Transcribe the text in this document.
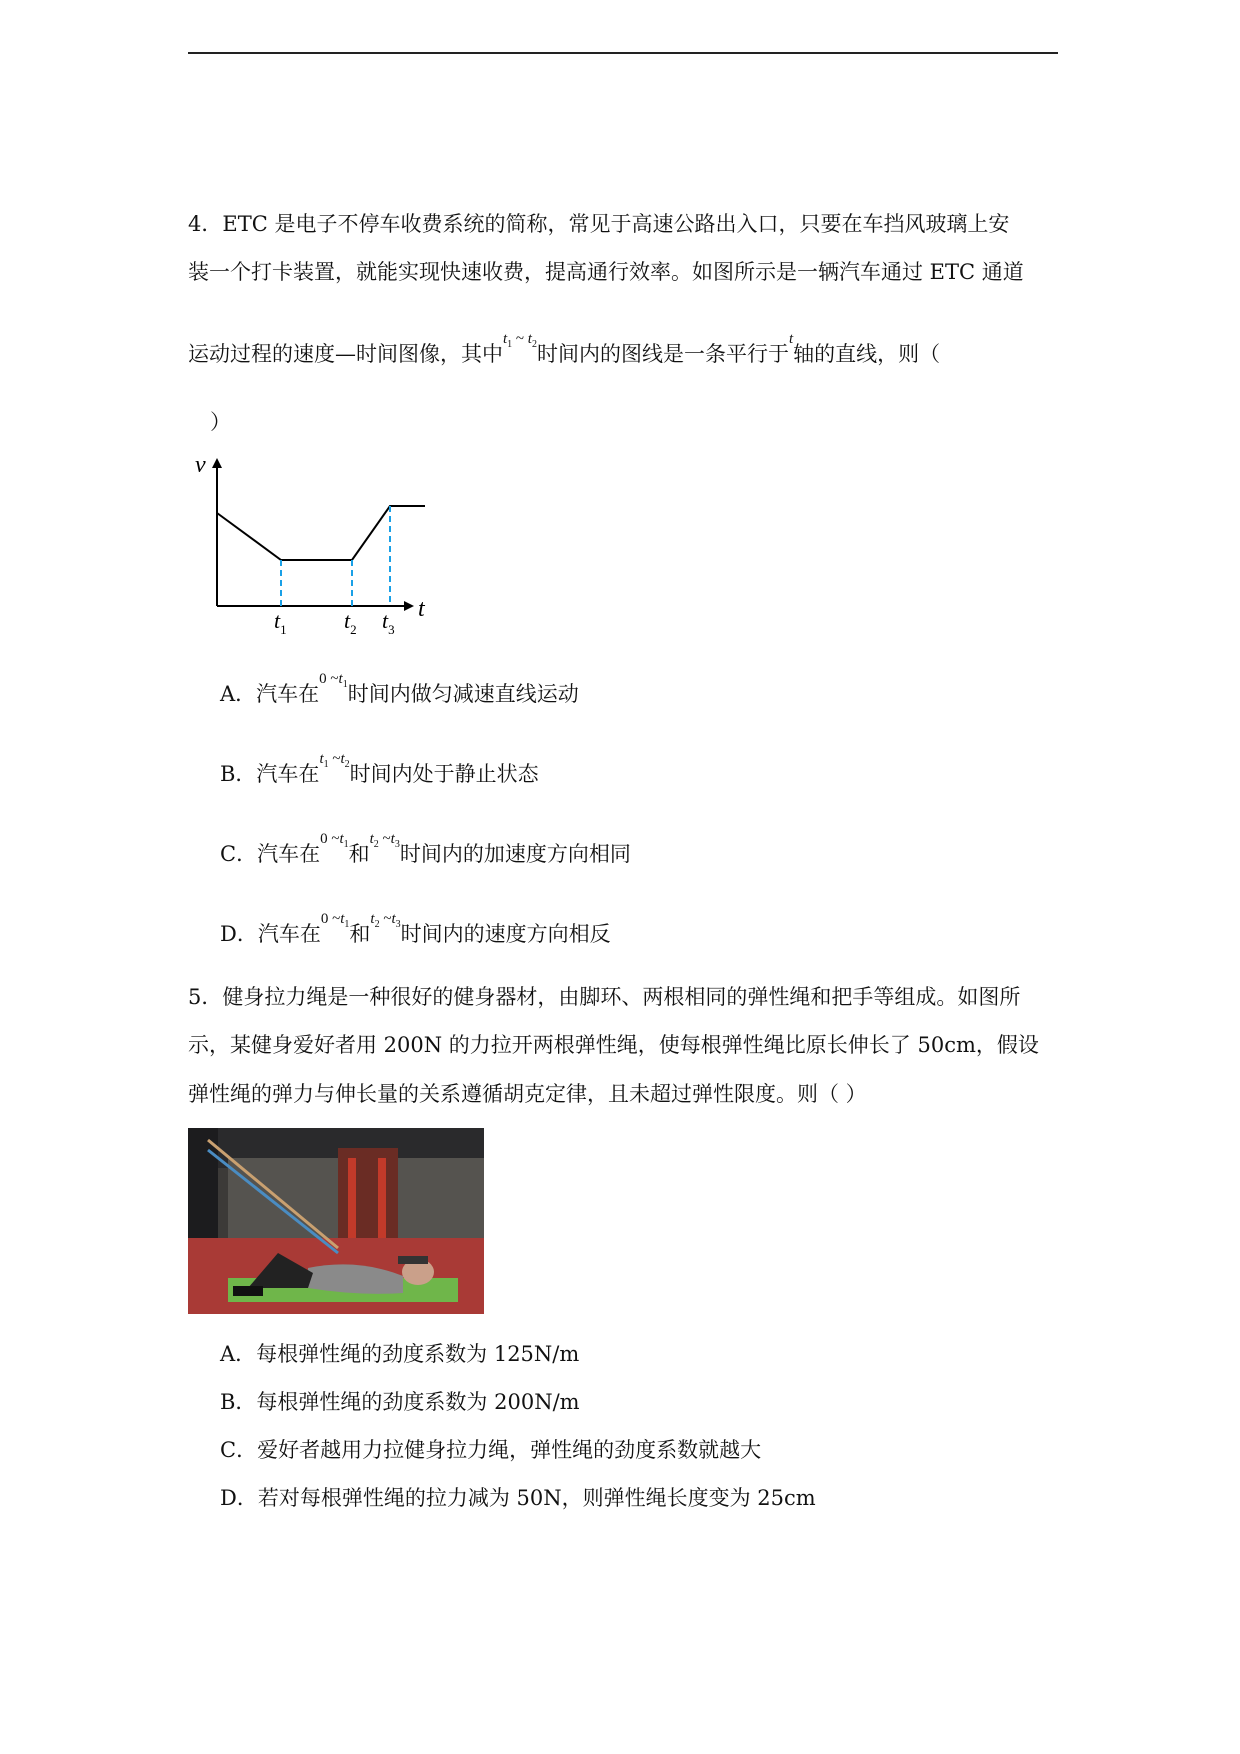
4．ETC 是电子不停车收费系统的简称，常见于高速公路出入口，只要在车挡风玻璃上安
装一个打卡装置，就能实现快速收费，提高通行效率。如图所示是一辆汽车通过 ETC 通道
运动过程的速度—时间图像，其中$^{t_1 \sim t_2}$时间内的图线是一条平行于$^t$轴的直线，则（
）
v
t
$t_1$	$t_2$ $t_3$
A．汽车在$^{0 \sim t_1}$时间内做匀减速直线运动
B．汽车在$^{t_1 \sim t_2}$时间内处于静止状态
C．汽车在$^{0 \sim t_1}$和$^{t_2 \sim t_3}$时间内的加速度方向相同
D．汽车在$^{0 \sim t_1}$和$^{t_2 \sim t_3}$时间内的速度方向相反
5．健身拉力绳是一种很好的健身器材，由脚环、两根相同的弹性绳和把手等组成。如图所
示，某健身爱好者用 200N 的力拉开两根弹性绳，使每根弹性绳比原长伸长了 50cm，假设
弹性绳的弹力与伸长量的关系遵循胡克定律，且未超过弹性限度。则（ ）
A．每根弹性绳的劲度系数为 125N/m
B．每根弹性绳的劲度系数为 200N/m
C．爱好者越用力拉健身拉力绳，弹性绳的劲度系数就越大
D．若对每根弹性绳的拉力减为 50N，则弹性绳长度变为 25cm
